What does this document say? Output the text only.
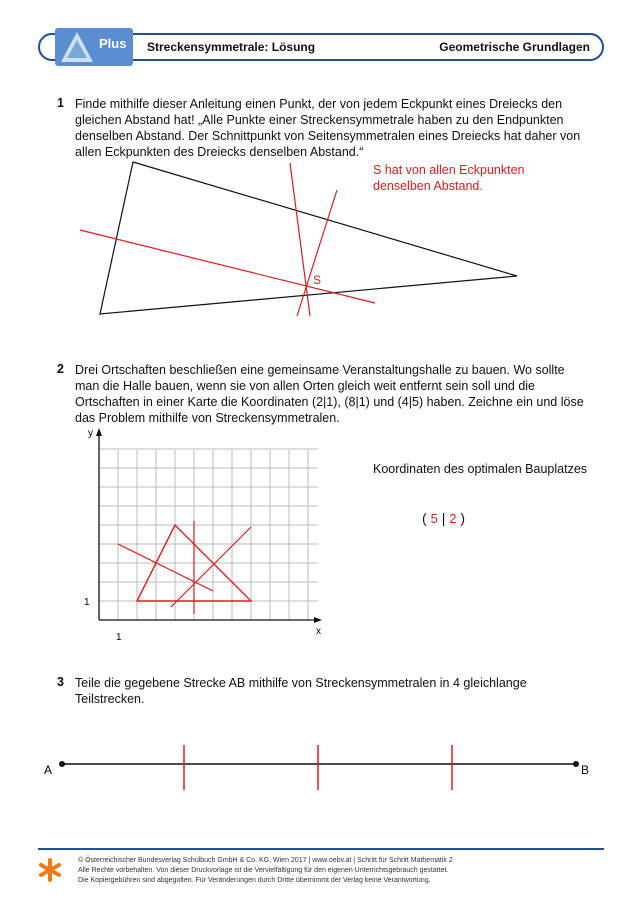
Plus Streckensymmetrale: Lösung	Geometrische Grundlagen
1 Finde mithilfe dieser Anleitung einen Punkt, der von jedem Eckpunkt eines Dreiecks den
gleichen Abstand hat! „Alle Punkte einer Streckensymmetrale haben zu den Endpunkten
denselben Abstand. Der Schnittpunkt von Seitensymmetralen eines Dreiecks hat daher von
allen Eckpunkten des Dreiecks denselben Abstand.“
S hat von allen Eckpunkten
denselben Abstand.
S
y
x
1
1
A	B
2 Drei Ortschaften beschließen eine gemeinsame Veranstaltungshalle zu bauen. Wo sollte
man die Halle bauen, wenn sie von allen Orten gleich weit entfernt sein soll und die
Ortschaften in einer Karte die Koordinaten (2|1), (8|1) und (4|5) haben. Zeichne ein und löse
das Problem mithilfe von Streckensymmetralen.
Koordinaten des optimalen Bauplatzes
( 5 | 2 )
3 Teile die gegebene Strecke AB mithilfe von Streckensymmetralen in 4 gleichlange
Teilstrecken.
© Österreichischer Bundesverlag Schulbuch GmbH & Co. KG, Wien 2017 | www.oebv.at | Schritt für Schritt Mathematik 2
Alle Rechte vorbehalten. Von dieser Druckvorlage ist die Vervielfältigung für den eigenen Unterrichtsgebrauch gestattet.
Die Kopiergebühren sind abgegolten. Für Veränderungen durch Dritte übernimmt der Verlag keine Verantwortung.
